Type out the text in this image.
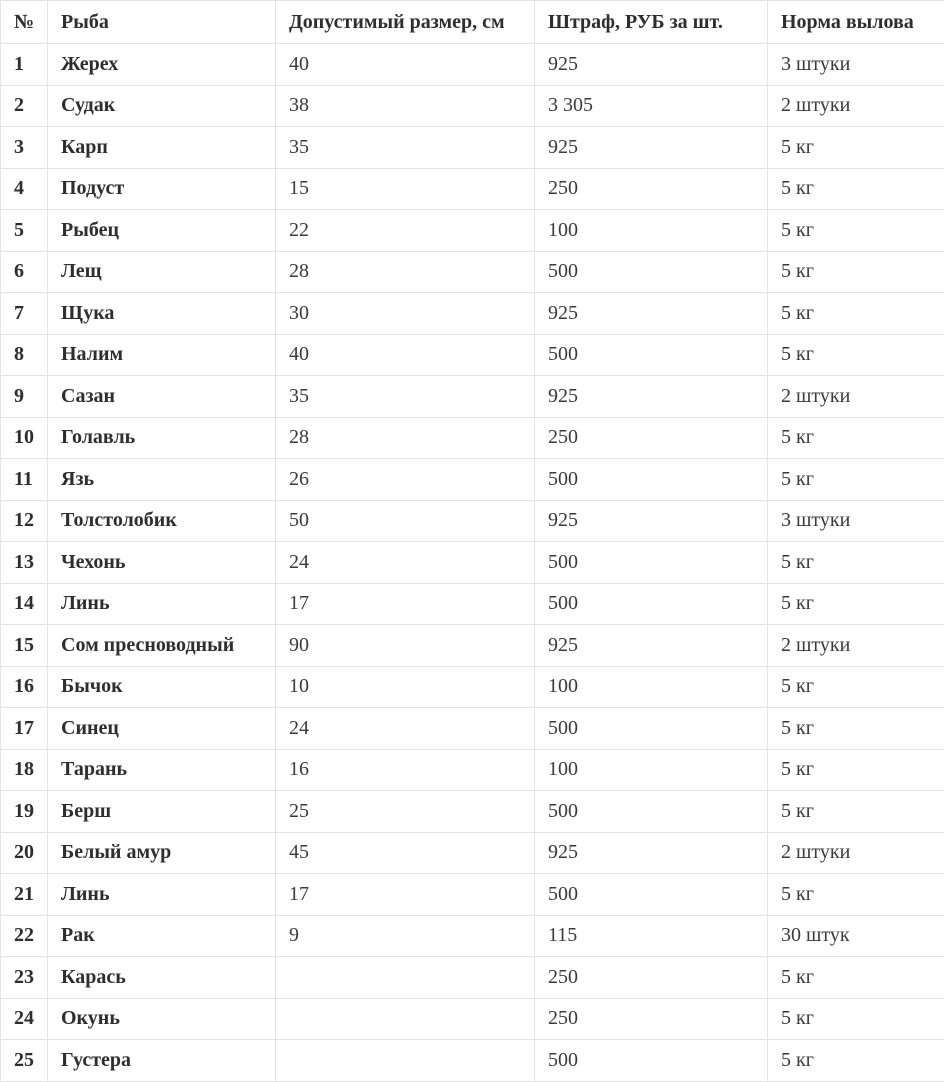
№	Рыба	Допустимый размер, см	Штраф, РУБ за шт.	Норма вылова
1	Жерех	40	925	3 штуки
2	Судак	38	3 305	2 штуки
3	Карп	35	925	5 кг
4	Подуст	15	250	5 кг
5	Рыбец	22	100	5 кг
6	Лещ	28	500	5 кг
7	Щука	30	925	5 кг
8	Налим	40	500	5 кг
9	Сазан	35	925	2 штуки
10	Голавль	28	250	5 кг
11	Язь	26	500	5 кг
12	Толстолобик	50	925	3 штуки
13	Чехонь	24	500	5 кг
14	Линь	17	500	5 кг
15	Сом пресноводный	90	925	2 штуки
16	Бычок	10	100	5 кг
17	Синец	24	500	5 кг
18	Тарань	16	100	5 кг
19	Берш	25	500	5 кг
20	Белый амур	45	925	2 штуки
21	Линь	17	500	5 кг
22	Рак	9	115	30 штук
23	Карась		250	5 кг
24	Окунь		250	5 кг
25	Густера		500	5 кг
